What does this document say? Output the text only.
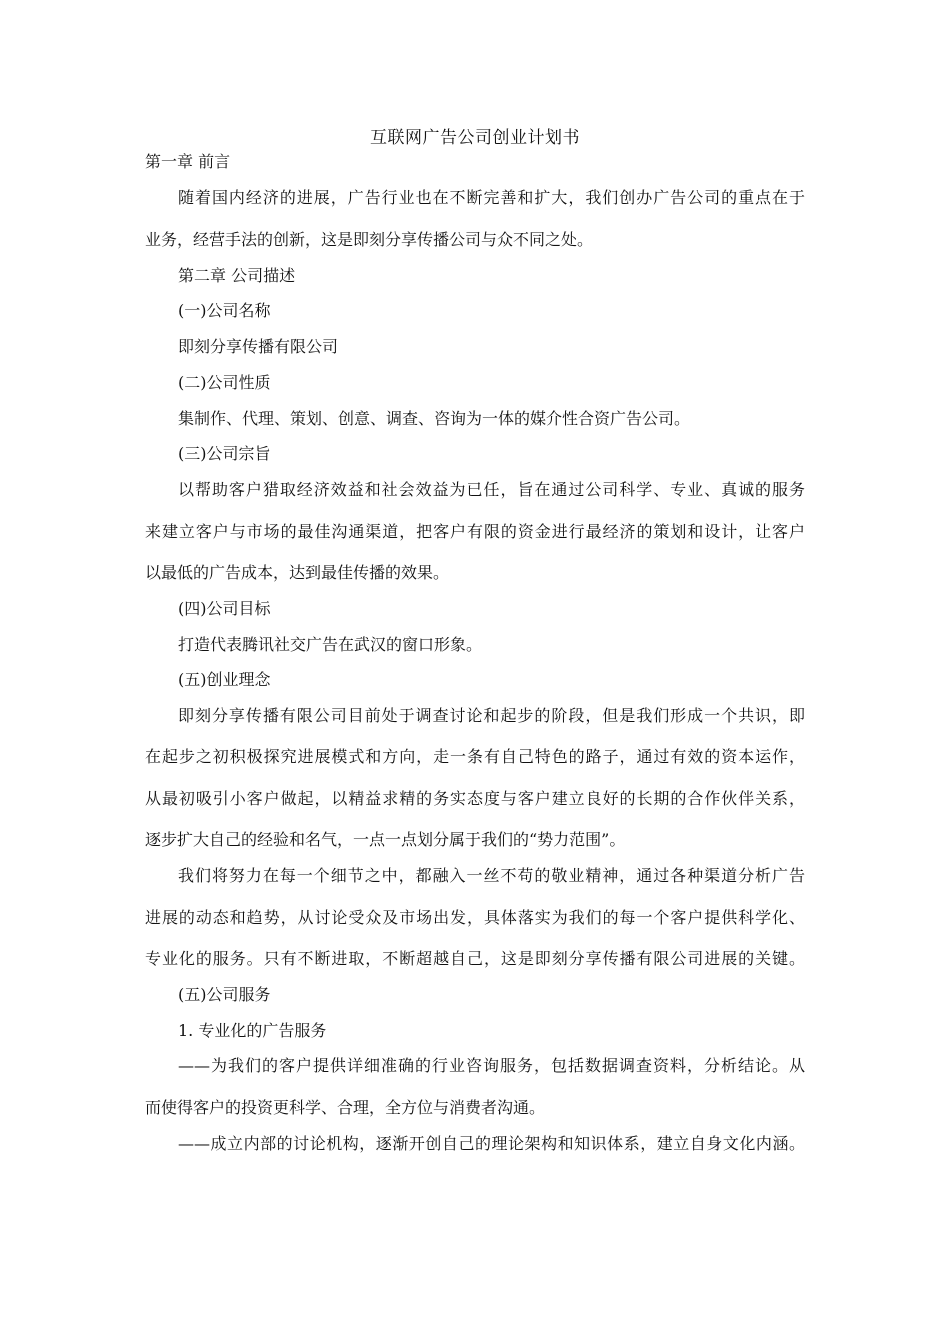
互联网广告公司创业计划书
第一章 前言
随着国内经济的进展，广告行业也在不断完善和扩大，我们创办广告公司的重点在于
业务，经营手法的创新，这是即刻分享传播公司与众不同之处。
第二章 公司描述
(一)公司名称
即刻分享传播有限公司
(二)公司性质
集制作、代理、策划、创意、调查、咨询为一体的媒介性合资广告公司。
(三)公司宗旨
以帮助客户猎取经济效益和社会效益为已任，旨在通过公司科学、专业、真诚的服务
来建立客户与市场的最佳沟通渠道，把客户有限的资金进行最经济的策划和设计，让客户
以最低的广告成本，达到最佳传播的效果。
(四)公司目标
打造代表腾讯社交广告在武汉的窗口形象。
(五)创业理念
即刻分享传播有限公司目前处于调查讨论和起步的阶段，但是我们形成一个共识，即
在起步之初积极探究进展模式和方向，走一条有自己特色的路子，通过有效的资本运作，
从最初吸引小客户做起，以精益求精的务实态度与客户建立良好的长期的合作伙伴关系，
逐步扩大自己的经验和名气，一点一点划分属于我们的“势力范围”。
我们将努力在每一个细节之中，都融入一丝不苟的敬业精神，通过各种渠道分析广告
进展的动态和趋势，从讨论受众及市场出发，具体落实为我们的每一个客户提供科学化、
专业化的服务。只有不断进取，不断超越自己，这是即刻分享传播有限公司进展的关键。
(五)公司服务
1. 专业化的广告服务
——为我们的客户提供详细准确的行业咨询服务，包括数据调查资料，分析结论。从
而使得客户的投资更科学、合理，全方位与消费者沟通。
——成立内部的讨论机构，逐渐开创自己的理论架构和知识体系，建立自身文化内涵。
